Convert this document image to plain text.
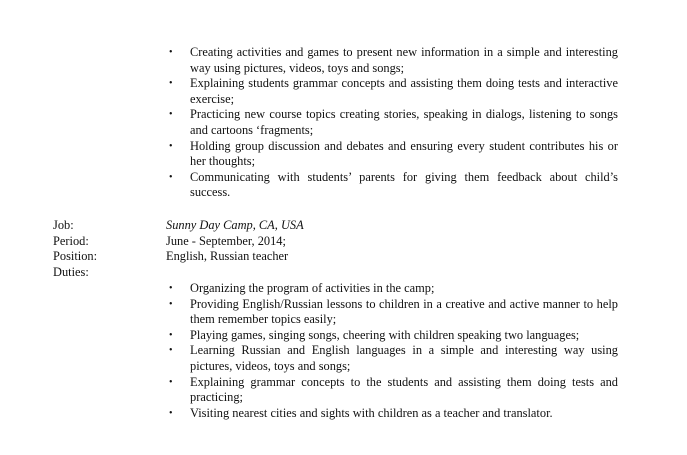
• Creating activities and games to present new information in a simple and interesting way using pictures, videos, toys and songs;
• Explaining students grammar concepts and assisting them doing tests and interactive exercise;
• Practicing new course topics creating stories, speaking in dialogs, listening to songs and cartoons ‘fragments;
• Holding group discussion and debates and ensuring every student contributes his or her thoughts;
• Communicating with students’ parents for giving them feedback about child’s success.
Job:	Sunny Day Camp, CA, USA
Period:	June - September, 2014;
Position:	English, Russian teacher
Duties:
• Organizing the program of activities in the camp;
• Providing English/Russian lessons to children in a creative and active manner to help them remember topics easily;
• Playing games, singing songs, cheering with children speaking two languages;
• Learning Russian and English languages in a simple and interesting way using pictures, videos, toys and songs;
• Explaining grammar concepts to the students and assisting them doing tests and practicing;
• Visiting nearest cities and sights with children as a teacher and translator.
